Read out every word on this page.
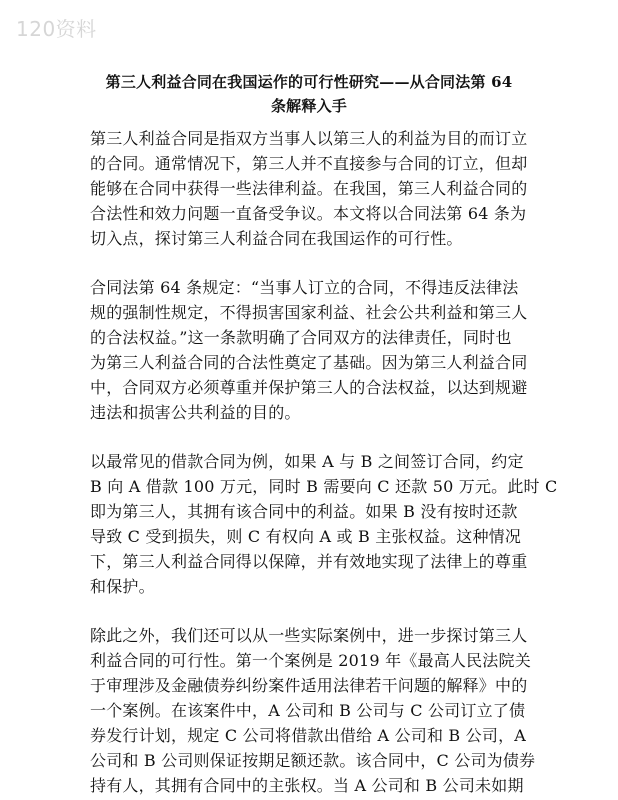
120资料
第三人利益合同在我国运作的可行性研究——从合同法第 64
条解释入手

第三人利益合同是指双方当事人以第三人的利益为目的而订立
的合同。通常情况下，第三人并不直接参与合同的订立，但却
能够在合同中获得一些法律利益。在我国，第三人利益合同的
合法性和效力问题一直备受争议。本文将以合同法第 64 条为
切入点，探讨第三人利益合同在我国运作的可行性。

合同法第 64 条规定：“当事人订立的合同，不得违反法律法
规的强制性规定，不得损害国家利益、社会公共利益和第三人
的合法权益。”这一条款明确了合同双方的法律责任，同时也
为第三人利益合同的合法性奠定了基础。因为第三人利益合同
中，合同双方必须尊重并保护第三人的合法权益，以达到规避
违法和损害公共利益的目的。

以最常见的借款合同为例，如果 A 与 B 之间签订合同，约定
B 向 A 借款 100 万元，同时 B 需要向 C 还款 50 万元。此时 C
即为第三人，其拥有该合同中的利益。如果 B 没有按时还款
导致 C 受到损失，则 C 有权向 A 或 B 主张权益。这种情况
下，第三人利益合同得以保障，并有效地实现了法律上的尊重
和保护。

除此之外，我们还可以从一些实际案例中，进一步探讨第三人
利益合同的可行性。第一个案例是 2019 年《最高人民法院关
于审理涉及金融债券纠纷案件适用法律若干问题的解释》中的
一个案例。在该案件中，A 公司和 B 公司与 C 公司订立了债
券发行计划，规定 C 公司将借款出借给 A 公司和 B 公司，A
公司和 B 公司则保证按期足额还款。该合同中，C 公司为债券
持有人，其拥有合同中的主张权。当 A 公司和 B 公司未如期
